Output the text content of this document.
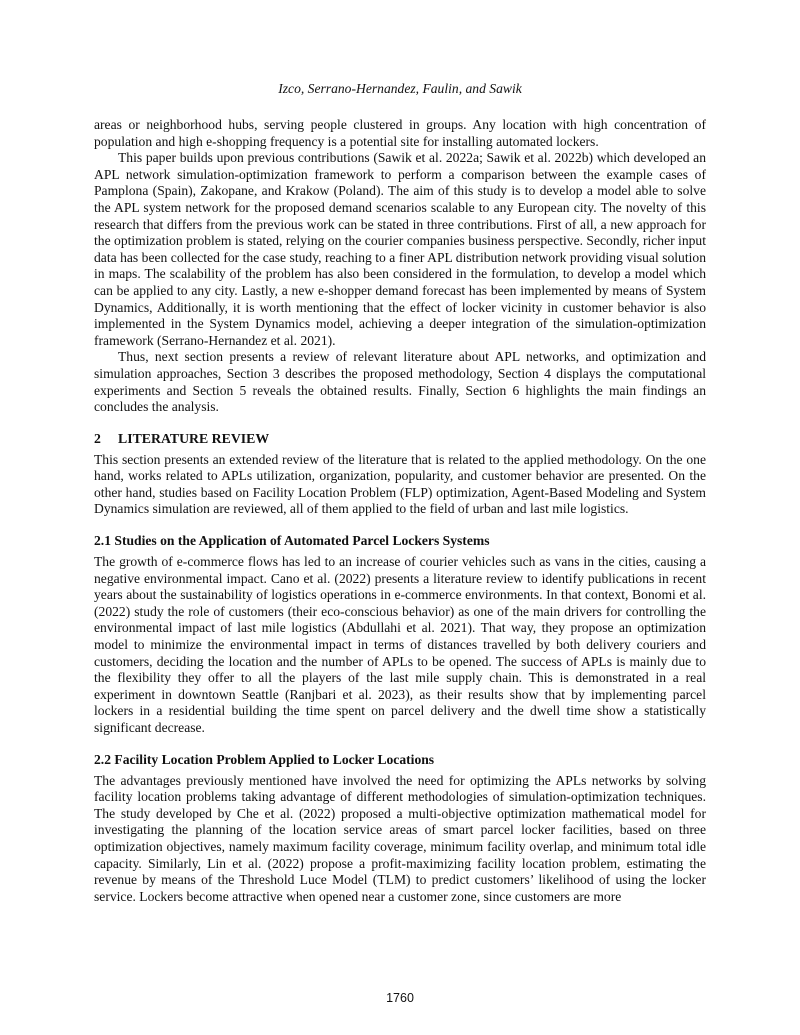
Izco, Serrano-Hernandez, Faulin, and Sawik

areas or neighborhood hubs, serving people clustered in groups. Any location with high concentration of population and high e-shopping frequency is a potential site for installing automated lockers.

This paper builds upon previous contributions (Sawik et al. 2022a; Sawik et al. 2022b) which developed an APL network simulation-optimization framework to perform a comparison between the example cases of Pamplona (Spain), Zakopane, and Krakow (Poland). The aim of this study is to develop a model able to solve the APL system network for the proposed demand scenarios scalable to any European city. The novelty of this research that differs from the previous work can be stated in three contributions. First of all, a new approach for the optimization problem is stated, relying on the courier companies business perspective. Secondly, richer input data has been collected for the case study, reaching to a finer APL distribution network providing visual solution in maps. The scalability of the problem has also been considered in the formulation, to develop a model which can be applied to any city. Lastly, a new e-shopper demand forecast has been implemented by means of System Dynamics, Additionally, it is worth mentioning that the effect of locker vicinity in customer behavior is also implemented in the System Dynamics model, achieving a deeper integration of the simulation-optimization framework (Serrano-Hernandez et al. 2021).

Thus, next section presents a review of relevant literature about APL networks, and optimization and simulation approaches, Section 3 describes the proposed methodology, Section 4 displays the computational experiments and Section 5 reveals the obtained results. Finally, Section 6 highlights the main findings an concludes the analysis.

2 LITERATURE REVIEW

This section presents an extended review of the literature that is related to the applied methodology. On the one hand, works related to APLs utilization, organization, popularity, and customer behavior are presented. On the other hand, studies based on Facility Location Problem (FLP) optimization, Agent-Based Modeling and System Dynamics simulation are reviewed, all of them applied to the field of urban and last mile logistics.

2.1 Studies on the Application of Automated Parcel Lockers Systems

The growth of e-commerce flows has led to an increase of courier vehicles such as vans in the cities, causing a negative environmental impact. Cano et al. (2022) presents a literature review to identify publications in recent years about the sustainability of logistics operations in e-commerce environments. In that context, Bonomi et al. (2022) study the role of customers (their eco-conscious behavior) as one of the main drivers for controlling the environmental impact of last mile logistics (Abdullahi et al. 2021). That way, they propose an optimization model to minimize the environmental impact in terms of distances travelled by both delivery couriers and customers, deciding the location and the number of APLs to be opened. The success of APLs is mainly due to the flexibility they offer to all the players of the last mile supply chain. This is demonstrated in a real experiment in downtown Seattle (Ranjbari et al. 2023), as their results show that by implementing parcel lockers in a residential building the time spent on parcel delivery and the dwell time show a statistically significant decrease.

2.2 Facility Location Problem Applied to Locker Locations

The advantages previously mentioned have involved the need for optimizing the APLs networks by solving facility location problems taking advantage of different methodologies of simulation-optimization techniques. The study developed by Che et al. (2022) proposed a multi-objective optimization mathematical model for investigating the planning of the location service areas of smart parcel locker facilities, based on three optimization objectives, namely maximum facility coverage, minimum facility overlap, and minimum total idle capacity. Similarly, Lin et al. (2022) propose a profit-maximizing facility location problem, estimating the revenue by means of the Threshold Luce Model (TLM) to predict customers’ likelihood of using the locker service. Lockers become attractive when opened near a customer zone, since customers are more

1760
